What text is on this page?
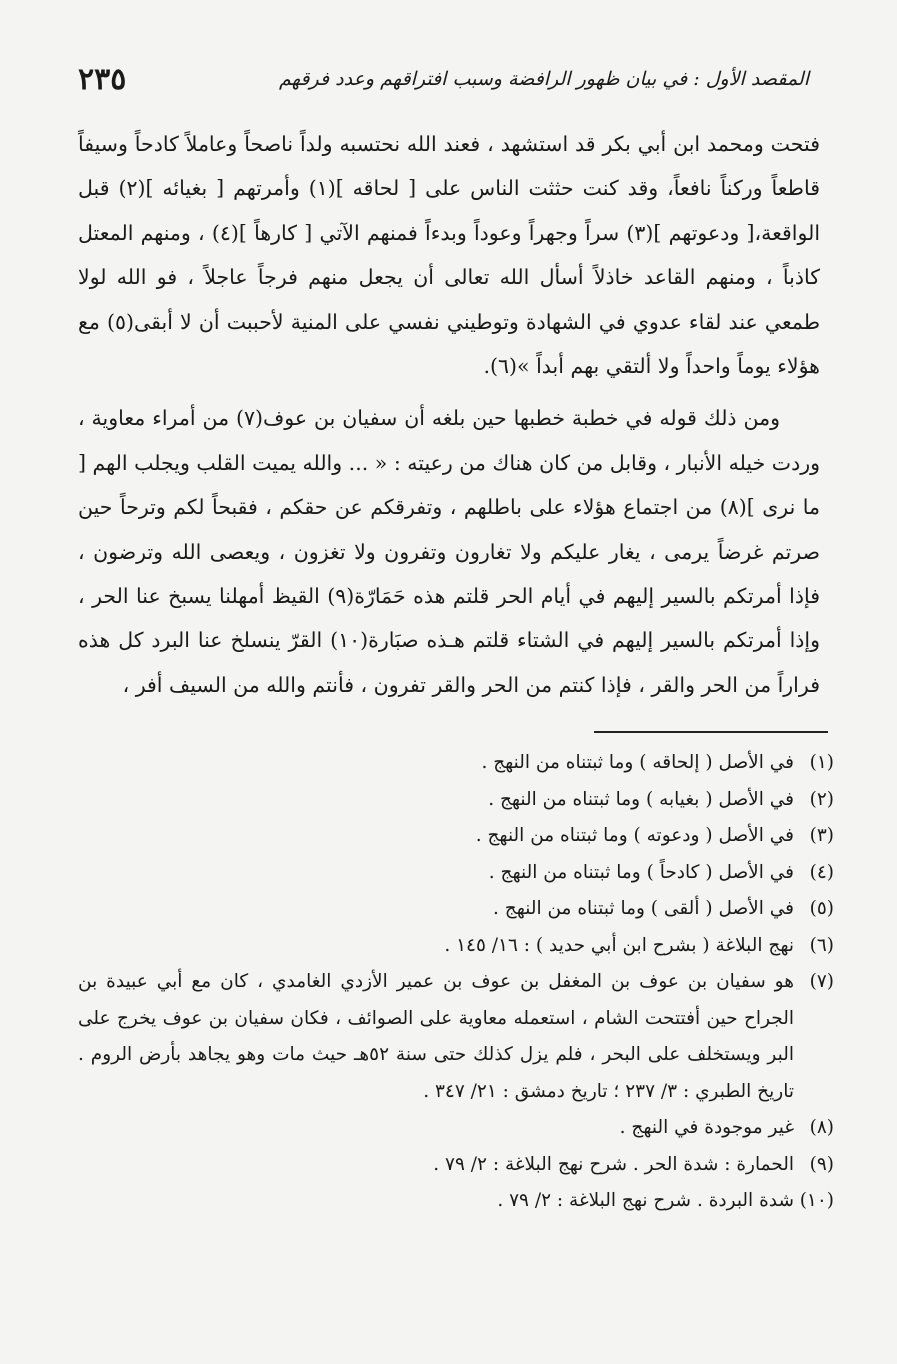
المقصد الأول : في بيان ظهور الرافضة وسبب افتراقهم وعدد فرقهم
٢٣٥

فتحت ومحمد ابن أبي بكر قد استشهد ، فعند الله نحتسبه ولداً ناصحاً وعاملاً كادحاً وسيفاً قاطعاً وركناً نافعاً، وقد كنت حثثت الناس على [ لحاقه ](١) وأمرتهم [ بغيائه ](٢) قبل الواقعة،[ ودعوتهم ](٣) سراً وجهراً وعوداً وبدءاً فمنهم الآتي [ كارهاً ](٤) ، ومنهم المعتل كاذباً ، ومنهم القاعد خاذلاً أسأل الله تعالى أن يجعل منهم فرجاً عاجلاً ، فو الله لولا طمعي عند لقاء عدوي في الشهادة وتوطيني نفسي على المنية لأحببت أن لا أبقى(٥) مع هؤلاء يوماً واحداً ولا ألتقي بهم أبداً »(٦).

ومن ذلك قوله في خطبة خطبها حين بلغه أن سفيان بن عوف(٧) من أمراء معاوية ، وردت خيله الأنبار ، وقابل من كان هناك من رعيته : « ... والله يميت القلب ويجلب الهم [ ما نرى ](٨) من اجتماع هؤلاء على باطلهم ، وتفرقكم عن حقكم ، فقبحاً لكم وترحاً حين صرتم غرضاً يرمى ، يغار عليكم ولا تغارون وتفرون ولا تغزون ، ويعصى الله وترضون ، فإذا أمرتكم بالسير إليهم في أيام الحر قلتم هذه حَمَارّة(٩) القيظ أمهلنا يسبخ عنا الحر ، وإذا أمرتكم بالسير إليهم في الشتاء قلتم هـذه صبَارة(١٠) القرّ ينسلخ عنا البرد كل هذه فراراً من الحر والقر ، فإذا كنتم من الحر والقر تفرون ، فأنتم والله من السيف أفر ،

(١)
في الأصل ( إلحاقه ) وما ثبتناه من النهج .
(٢)
في الأصل ( بغيابه ) وما ثبتناه من النهج .
(٣)
في الأصل ( ودعوته ) وما ثبتناه من النهج .
(٤)
في الأصل ( كادحاً ) وما ثبتناه من النهج .
(٥)
في الأصل ( ألقى ) وما ثبتناه من النهج .
(٦)
نهج البلاغة ( بشرح ابن أبي حديد ) : ١٦/ ١٤٥ .
(٧)
هو سفيان بن عوف بن المغفل بن عوف بن عمير الأزدي الغامدي ، كان مع أبي عبيدة بن الجراح حين أفتتحت الشام ، استعمله معاوية على الصوائف ، فكان سفيان بن عوف يخرج على البر ويستخلف على البحر ، فلم يزل كذلك حتى سنة ٥٢هـ حيث مات وهو يجاهد بأرض الروم . تاريخ الطبري : ٣/ ٢٣٧ ؛ تاريخ دمشق : ٢١/ ٣٤٧ .
(٨)
غير موجودة في النهج .
(٩)
الحمارة : شدة الحر . شرح نهج البلاغة : ٢/ ٧٩ .
(١٠)
شدة البردة . شرح نهج البلاغة : ٢/ ٧٩ .
